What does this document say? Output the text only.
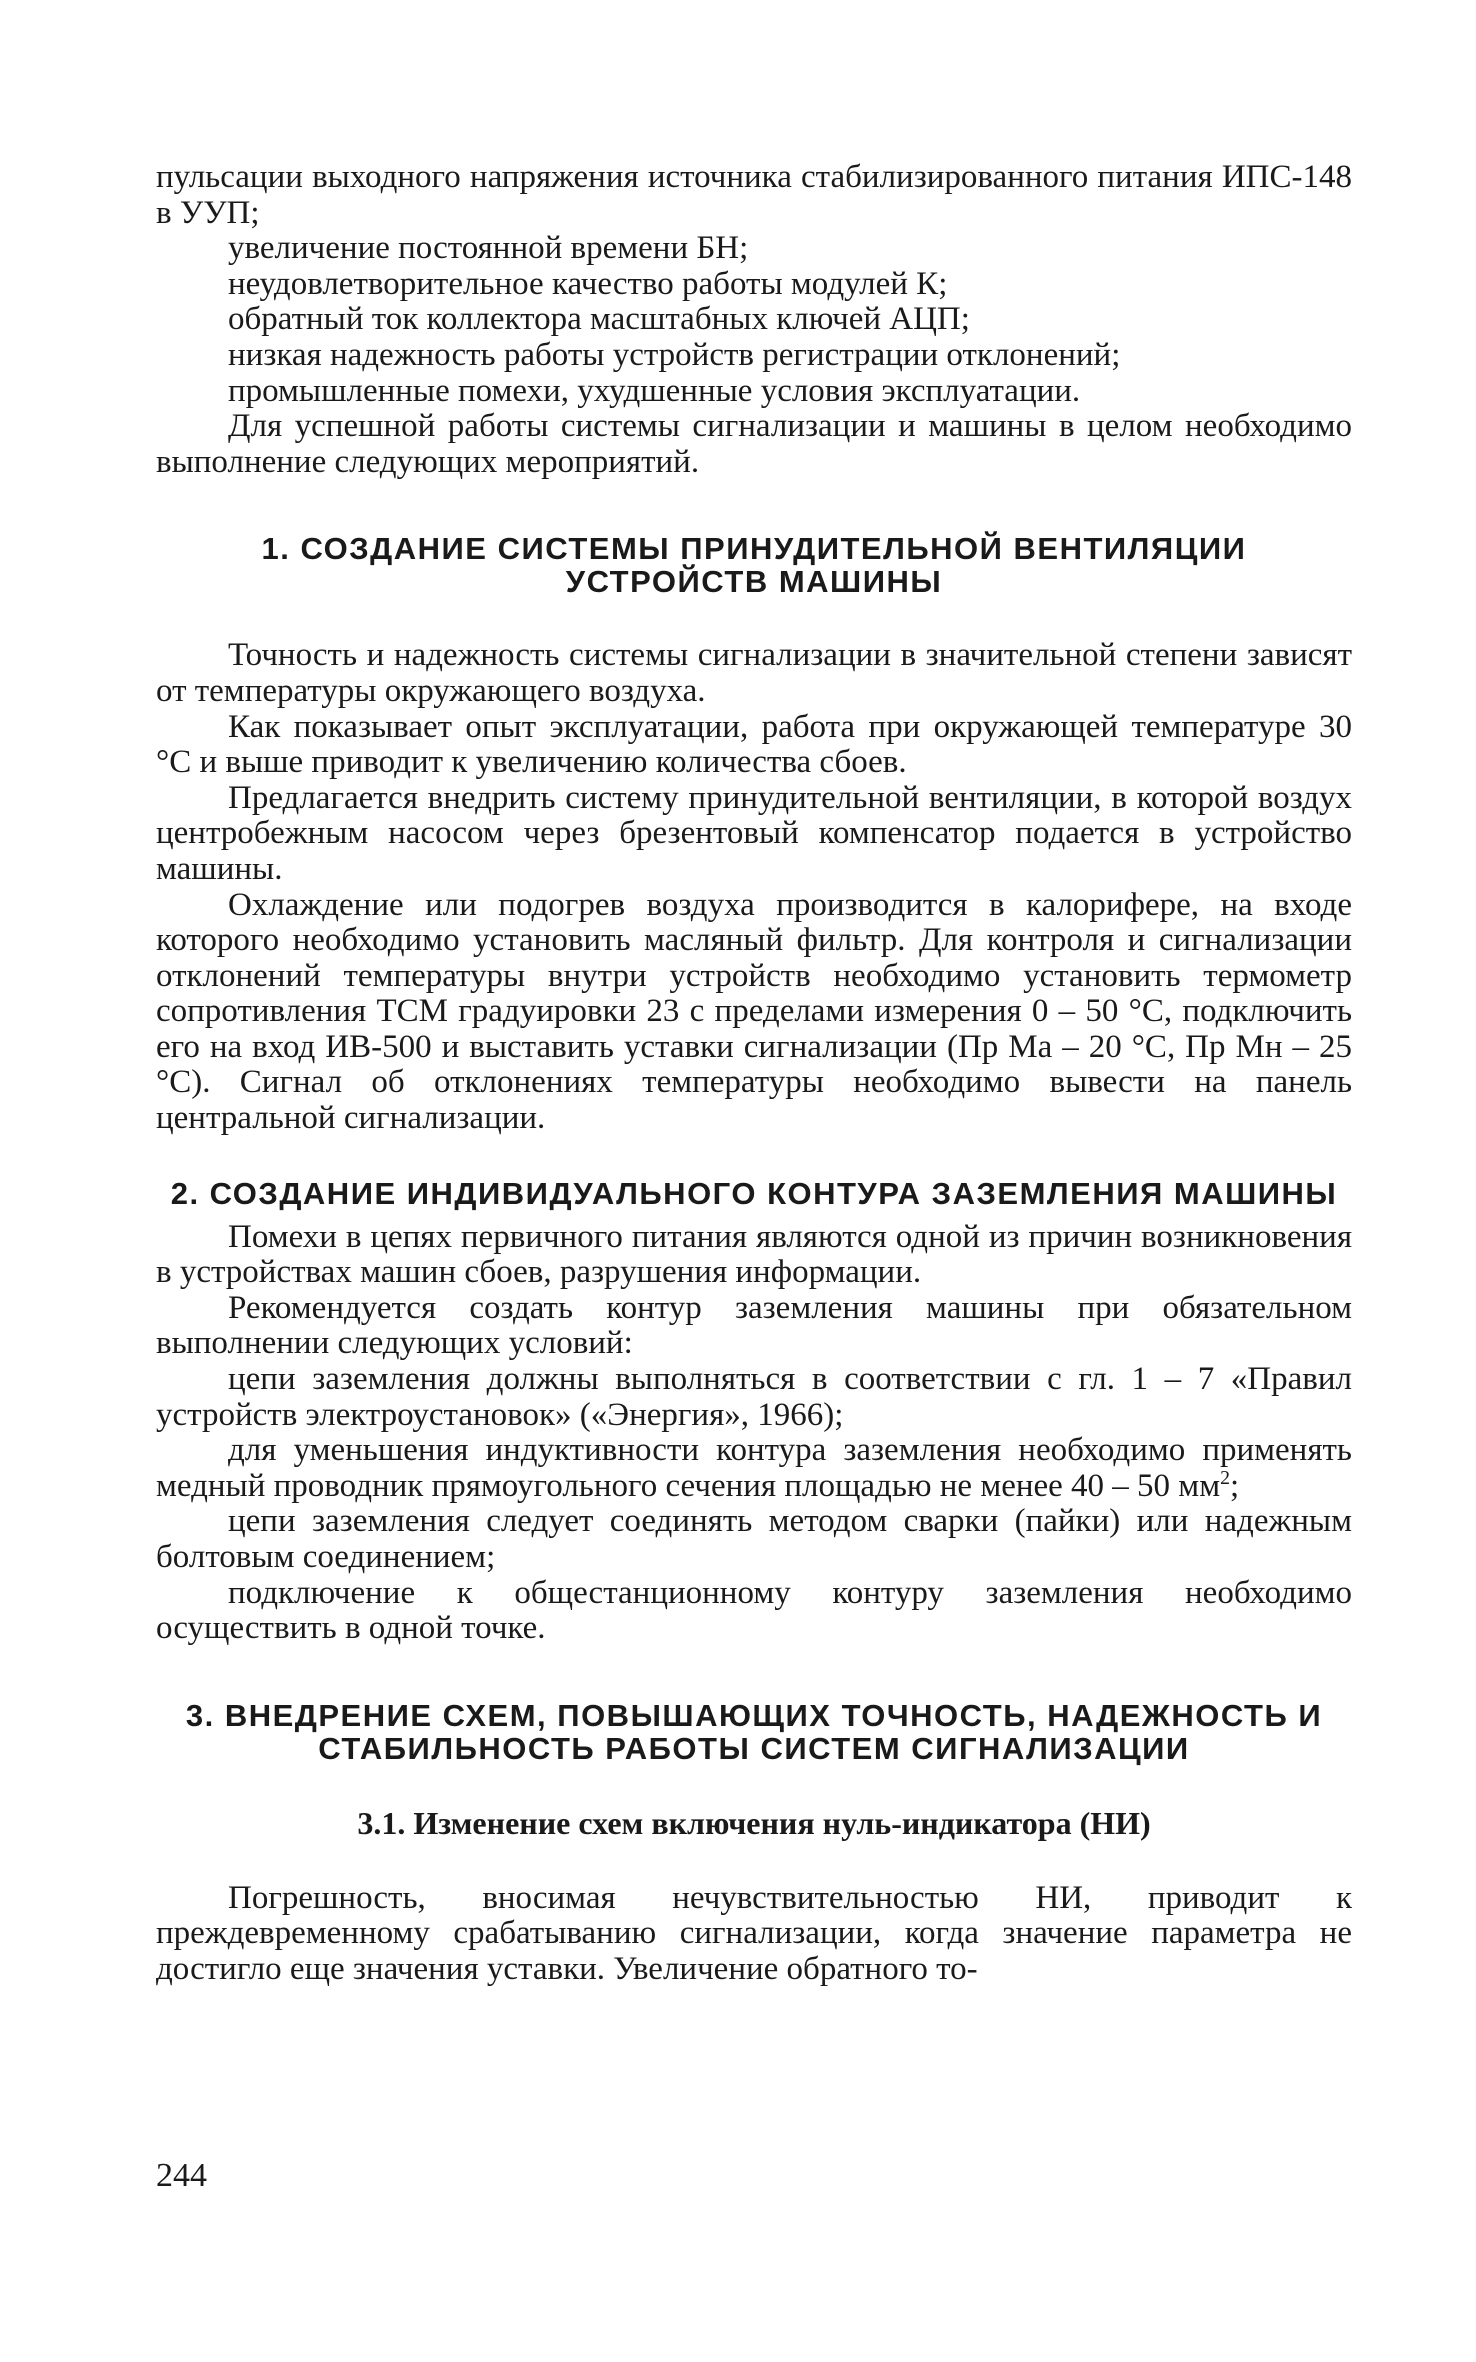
пульсации выходного напряжения источника стабилизированного питания ИПС-148 в УУП;

увеличение постоянной времени БН;
неудовлетворительное качество работы модулей К;
обратный ток коллектора масштабных ключей АЦП;
низкая надежность работы устройств регистрации отклонений;
промышленные помехи, ухудшенные условия эксплуатации.

Для успешной работы системы сигнализации и машины в целом необходимо выполнение следующих мероприятий.

1. СОЗДАНИЕ СИСТЕМЫ ПРИНУДИТЕЛЬНОЙ ВЕНТИЛЯЦИИ УСТРОЙСТВ МАШИНЫ

Точность и надежность системы сигнализации в значительной степени зависят от температуры окружающего воздуха.

Как показывает опыт эксплуатации, работа при окружающей температуре 30 °С и выше приводит к увеличению количества сбоев.

Предлагается внедрить систему принудительной вентиляции, в которой воздух центробежным насосом через брезентовый компенсатор подается в устройство машины.

Охлаждение или подогрев воздуха производится в калорифере, на входе которого необходимо установить масляный фильтр. Для контроля и сигнализации отклонений температуры внутри устройств необходимо установить термометр сопротивления ТСМ градуировки 23 с пределами измерения 0 – 50 °С, подключить его на вход ИВ-500 и выставить уставки сигнализации (Пр Ма – 20 °С, Пр Мн – 25 °С). Сигнал об отклонениях температуры необходимо вывести на панель центральной сигнализации.

2. СОЗДАНИЕ ИНДИВИДУАЛЬНОГО КОНТУРА ЗАЗЕМЛЕНИЯ МАШИНЫ

Помехи в цепях первичного питания являются одной из причин возникновения в устройствах машин сбоев, разрушения информации.

Рекомендуется создать контур заземления машины при обязательном выполнении следующих условий:

цепи заземления должны выполняться в соответствии с гл. 1 – 7 «Правил устройств электроустановок» («Энергия», 1966);

для уменьшения индуктивности контура заземления необходимо применять медный проводник прямоугольного сечения площадью не менее 40 – 50 $мм^2$;

цепи заземления следует соединять методом сварки (пайки) или надежным болтовым соединением;

подключение к общестанционному контуру заземления необходимо осуществить в одной точке.

3. ВНЕДРЕНИЕ СХЕМ, ПОВЫШАЮЩИХ ТОЧНОСТЬ, НАДЕЖНОСТЬ И СТАБИЛЬНОСТЬ РАБОТЫ СИСТЕМ СИГНАЛИЗАЦИИ
3.1. Изменение схем включения нуль-индикатора (НИ)

Погрешность, вносимая нечувствительностью НИ, приводит к преждевременному срабатыванию сигнализации, когда значение параметра не достигло еще значения уставки. Увеличение обратного то-

244
